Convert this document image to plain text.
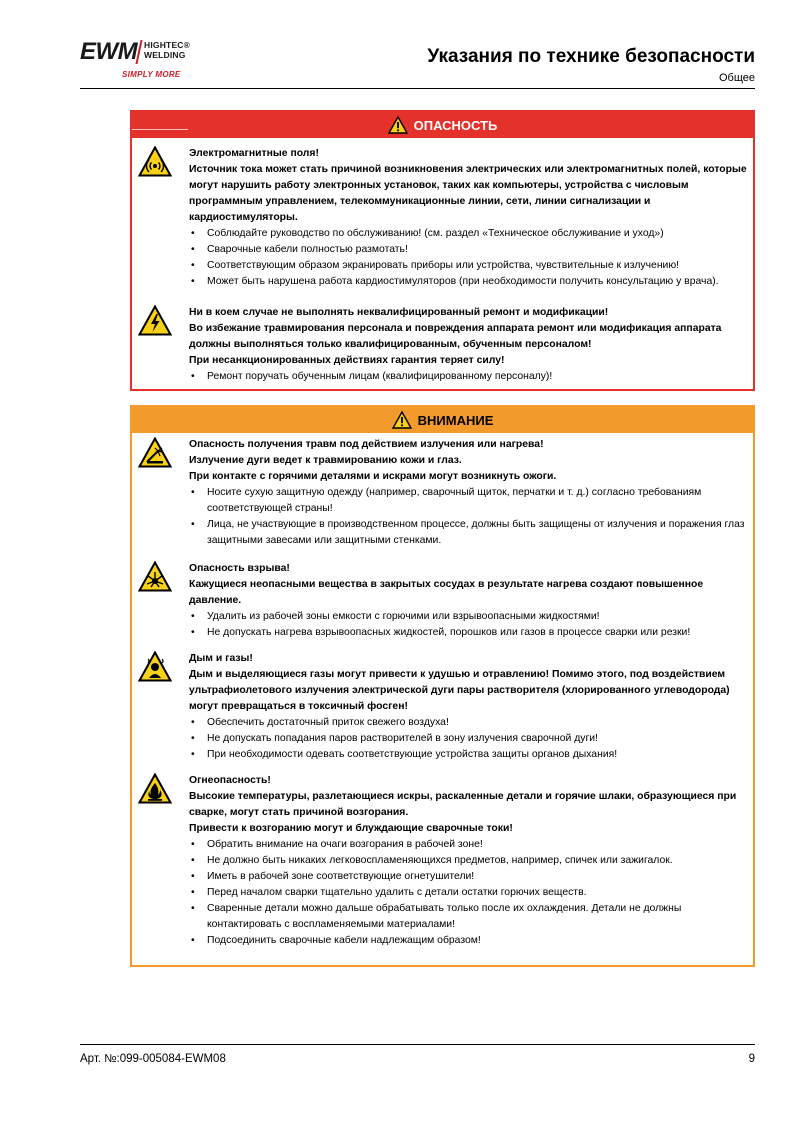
EWM HIGHTEC®
WELDING
SIMPLY MORE
Указания по технике безопасности
Общее
ОПАСНОСТЬ
Электромагнитные поля!
Источник тока может стать причиной возникновения электрических или электромагнитных полей, которые могут нарушить работу электронных установок, таких как компьютеры, устройства с числовым программным управлением, телекоммуникационные линии, сети, линии сигнализации и кардиостимуляторы.
• Соблюдайте руководство по обслуживанию! (см. раздел «Техническое обслуживание и уход»)
• Сварочные кабели полностью размотать!
• Соответствующим образом экранировать приборы или устройства, чувствительные к излучению!
• Может быть нарушена работа кардиостимуляторов (при необходимости получить консультацию у врача).
Ни в коем случае не выполнять неквалифицированный ремонт и модификации!
Во избежание травмирования персонала и повреждения аппарата ремонт или модификация аппарата должны выполняться только квалифицированным, обученным персоналом!
При несанкционированных действиях гарантия теряет силу!
• Ремонт поручать обученным лицам (квалифицированному персоналу)!
ВНИМАНИЕ
Опасность получения травм под действием излучения или нагрева!
Излучение дуги ведет к травмированию кожи и глаз.
При контакте с горячими деталями и искрами могут возникнуть ожоги.
• Носите сухую защитную одежду (например, сварочный щиток, перчатки и т. д.) согласно требованиям соответствующей страны!
• Лица, не участвующие в производственном процессе, должны быть защищены от излучения и поражения глаз защитными завесами или защитными стенками.
Опасность взрыва!
Кажущиеся неопасными вещества в закрытых сосудах в результате нагрева создают повышенное давление.
• Удалить из рабочей зоны емкости с горючими или взрывоопасными жидкостями!
• Не допускать нагрева взрывоопасных жидкостей, порошков или газов в процессе сварки или резки!
Дым и газы!
Дым и выделяющиеся газы могут привести к удушью и отравлению! Помимо этого, под воздействием ультрафиолетового излучения электрической дуги пары растворителя (хлорированного углеводорода) могут превращаться в токсичный фосген!
• Обеспечить достаточный приток свежего воздуха!
• Не допускать попадания паров растворителей в зону излучения сварочной дуги!
• При необходимости одевать соответствующие устройства защиты органов дыхания!
Огнеопасность!
Высокие температуры, разлетающиеся искры, раскаленные детали и горячие шлаки, образующиеся при сварке, могут стать причиной возгорания.
Привести к возгоранию могут и блуждающие сварочные токи!
• Обратить внимание на очаги возгорания в рабочей зоне!
• Не должно быть никаких легковоспламеняющихся предметов, например, спичек или зажигалок.
• Иметь в рабочей зоне соответствующие огнетушители!
• Перед началом сварки тщательно удалить с детали остатки горючих веществ.
• Сваренные детали можно дальше обрабатывать только после их охлаждения. Детали не должны контактировать с воспламеняемыми материалами!
• Подсоединить сварочные кабели надлежащим образом!
Арт. №:099-005084-EWM08	9
